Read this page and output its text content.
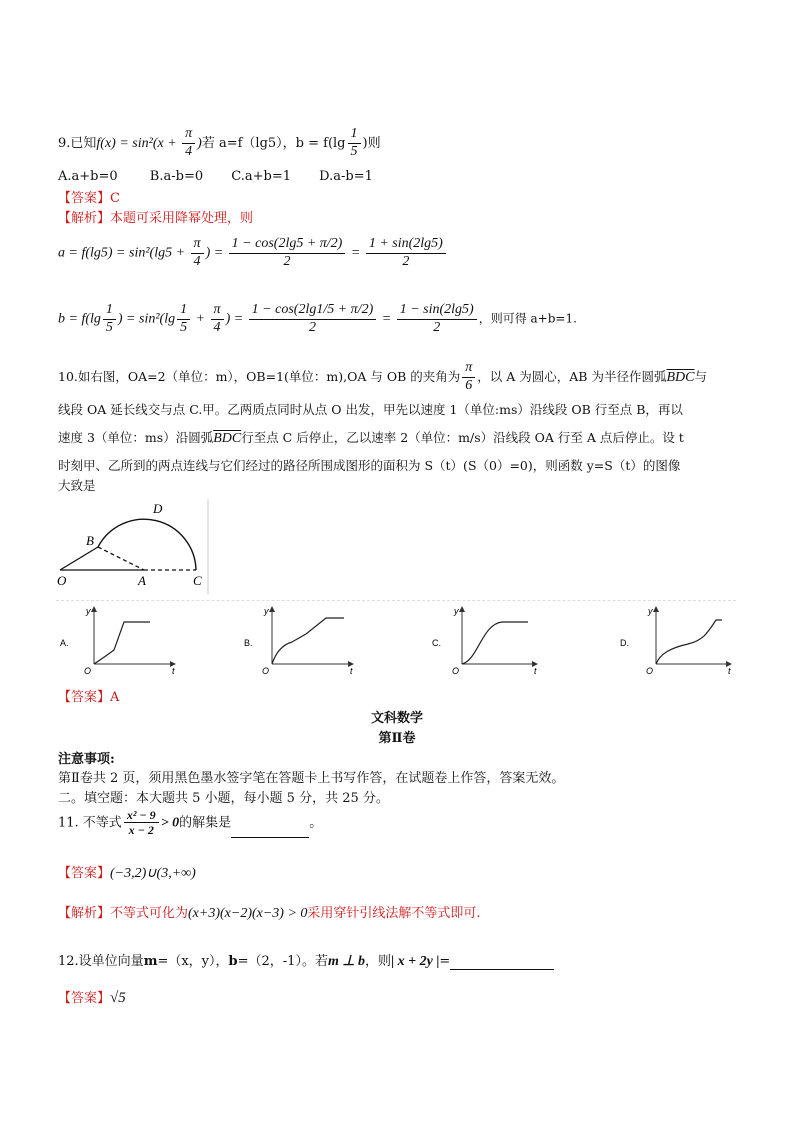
9.已知$f(x) = \sin^2(x + \frac{\pi}{4}$ )若 a=f（lg5），$b = f(\lg \frac{1}{5}$ )则
A.a+b=0 B.a-b=0 C.a+b=1 D.a-b=1
【答案】C
【解析】本题可采用降幂处理，则
$a = f(\lg 5) = \sin^2(\lg 5 + \frac{\pi}{4}$ ) = $\frac{1 - \cos(2\lg 5 + \pi/2)}{2} = \frac{1 + \sin(2\lg 5)}{2}$
$b = f(\lg \frac{1}{5}$ ) = $\sin^2(\lg \frac{1}{5} + \frac{\pi}{4}$ ) = $\frac{1 - \cos(2\lg 1/5 + \pi/2)}{2} = \frac{1 - \sin(2\lg 5)}{2}$ ，则可得 a+b=1.
10.如右图，OA=2（单位：m），OB=1(单位：m),OA 与 OB 的夹角为 $\frac{\pi}{6}$ ，以 A 为圆心，AB 为半径作圆弧$\overline{BDC}$与
线段 OA 延长线交与点 C.甲。乙两质点同时从点 O 出发，甲先以速度 1（单位:ms）沿线段 OB 行至点 B，再以
速度 3（单位：ms）沿圆弧$\overline{BDC}$行至点 C 后停止，乙以速率 2（单位：m/s）沿线段 OA 行至 A 点后停止。设 t
时刻甲、乙所到的两点连线与它们经过的路径所围成图形的面积为 S（t）(S（0）=0)，则函数 y=S（t）的图像
大致是
O	A	C
B
D
A.
y
t
O
B.
y
t
O
C.
y
t
O
D.
y
t
O
【答案】A
文科数学
第Ⅱ卷
注意事项:
第Ⅱ卷共 2 页，须用黑色墨水签字笔在答题卡上书写作答，在试题卷上作答，答案无效。
二。填空题：本大题共 5 小题，每小题 5 分，共 25 分。
11. 不等式 $\frac{\text{x² − 9}}{x - 2} > 0$的解集是	。
【答案】(−3,2)∪(3,+∞)
【解析】不等式可化为(x+3)(x−2)(x−3) > 0采用穿针引线法解不等式即可.
12.设单位向量m=（x，y），b=（2，-1）。若m ⊥ b，则| x + 2y |=
【答案】√5
